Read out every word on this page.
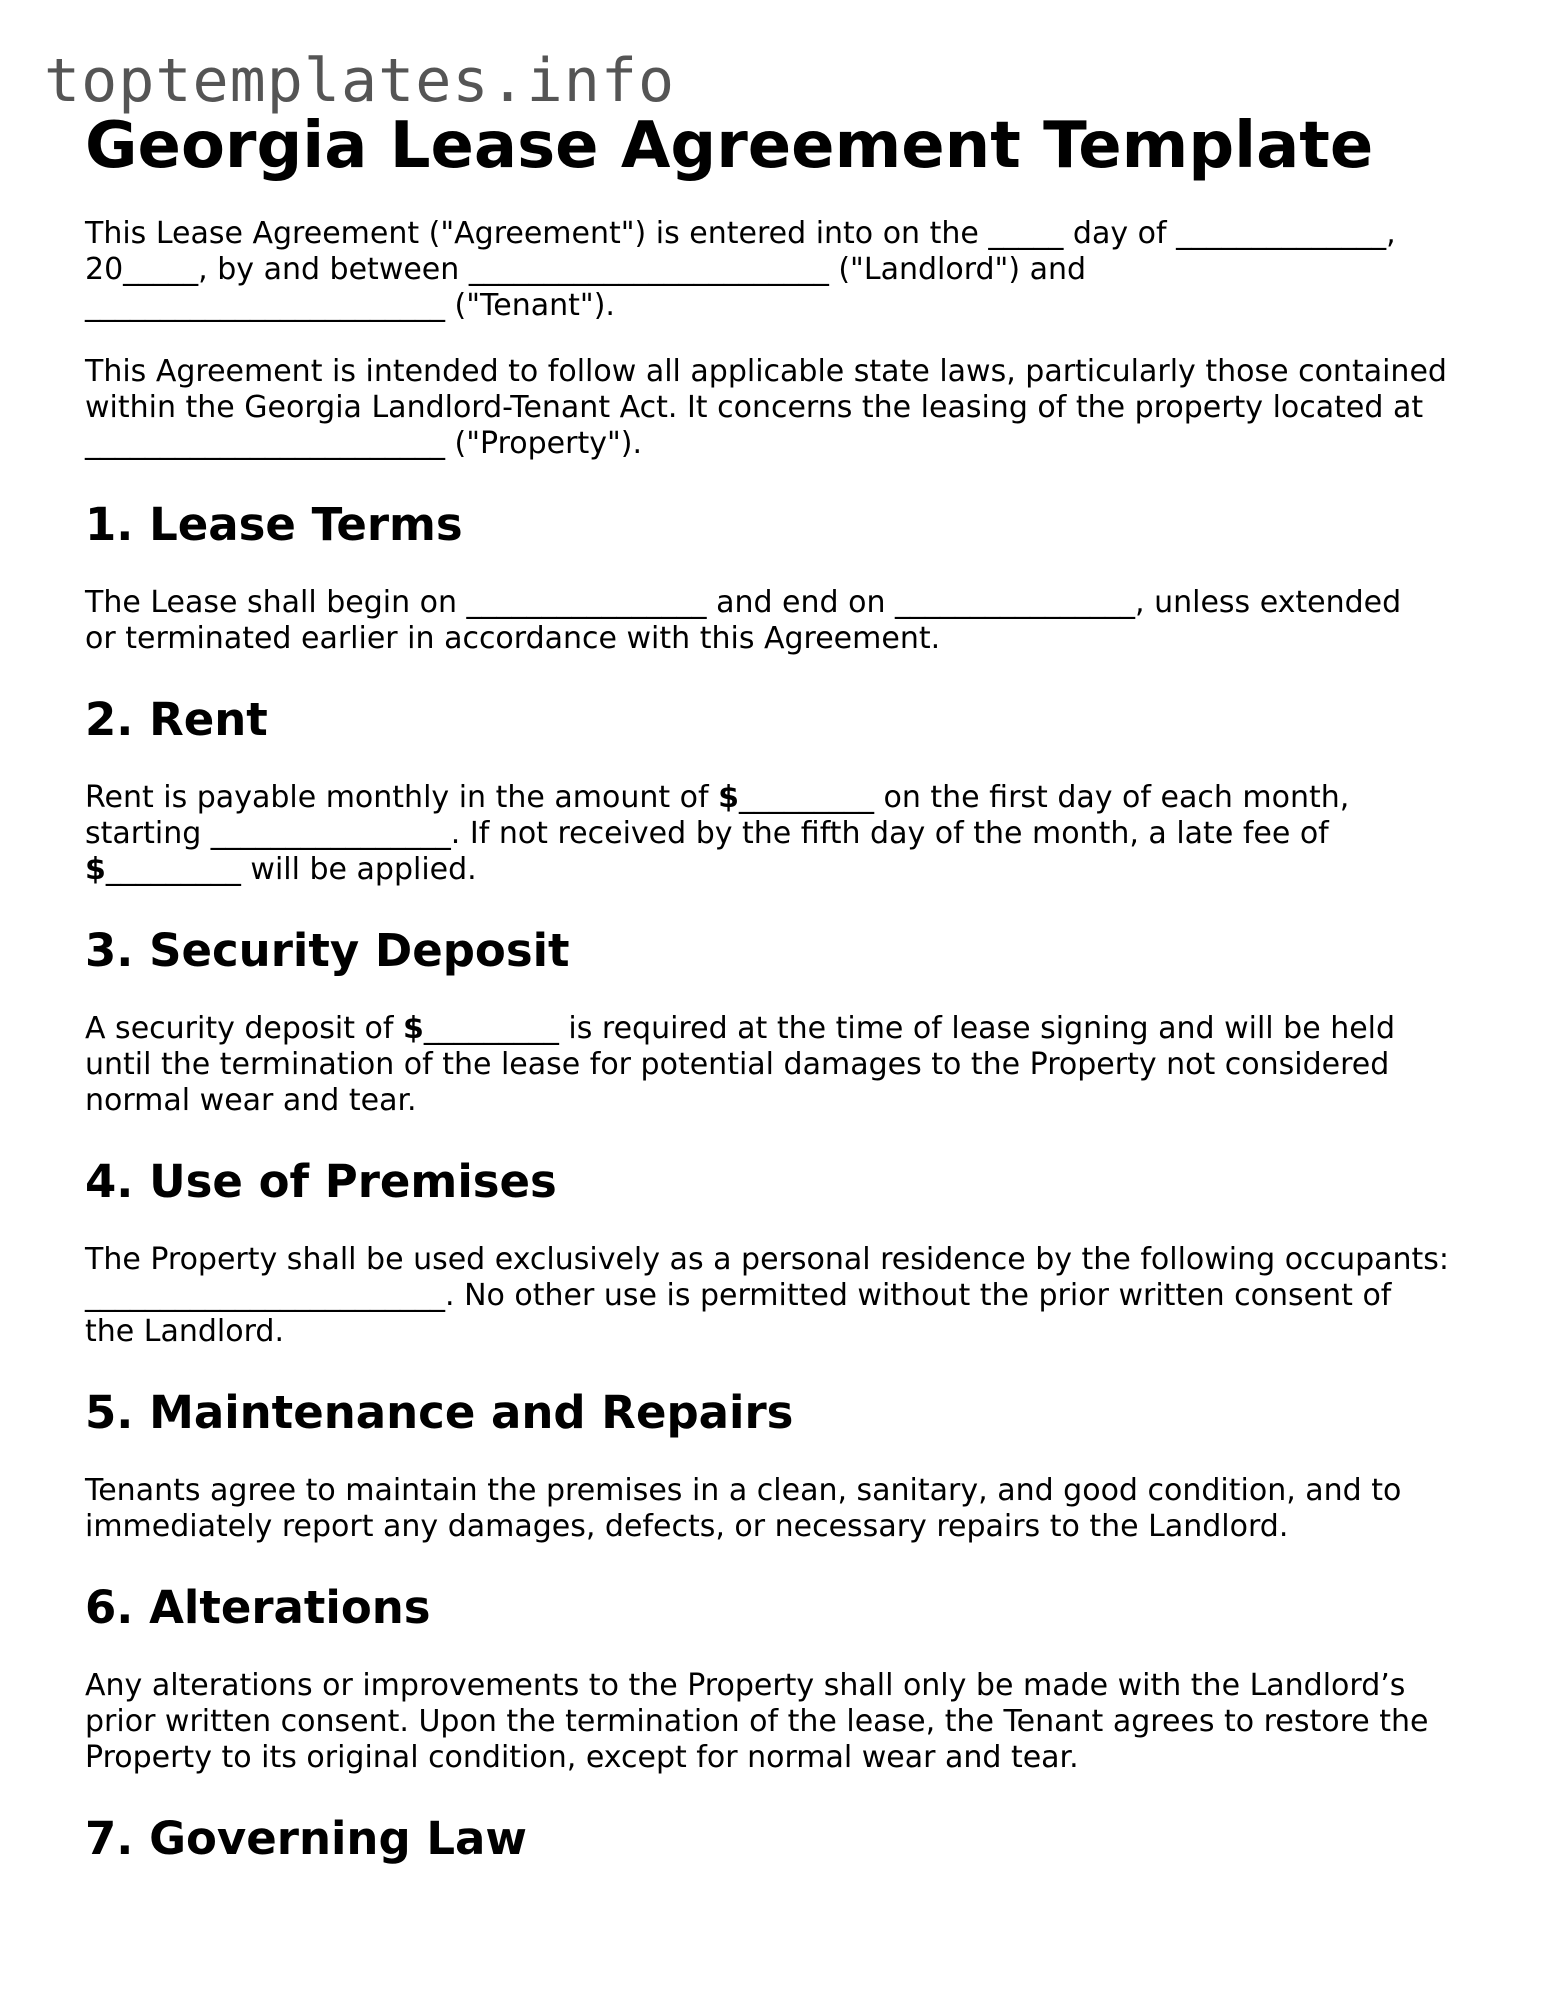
toptemplates.info
Georgia Lease Agreement Template

This Lease Agreement ("Agreement") is entered into on the _____ day of ______________,
20_____, by and between ________________________ ("Landlord") and
________________________ ("Tenant").

This Agreement is intended to follow all applicable state laws, particularly those contained
within the Georgia Landlord-Tenant Act. It concerns the leasing of the property located at
________________________ ("Property").

1. Lease Terms

The Lease shall begin on ________________ and end on ________________, unless extended
or terminated earlier in accordance with this Agreement.

2. Rent

Rent is payable monthly in the amount of $_________ on the first day of each month,
starting ________________. If not received by the fifth day of the month, a late fee of
$_________ will be applied.

3. Security Deposit

A security deposit of $_________ is required at the time of lease signing and will be held
until the termination of the lease for potential damages to the Property not considered
normal wear and tear.

4. Use of Premises

The Property shall be used exclusively as a personal residence by the following occupants:
________________________. No other use is permitted without the prior written consent of
the Landlord.

5. Maintenance and Repairs

Tenants agree to maintain the premises in a clean, sanitary, and good condition, and to
immediately report any damages, defects, or necessary repairs to the Landlord.

6. Alterations

Any alterations or improvements to the Property shall only be made with the Landlord’s
prior written consent. Upon the termination of the lease, the Tenant agrees to restore the
Property to its original condition, except for normal wear and tear.

7. Governing Law
